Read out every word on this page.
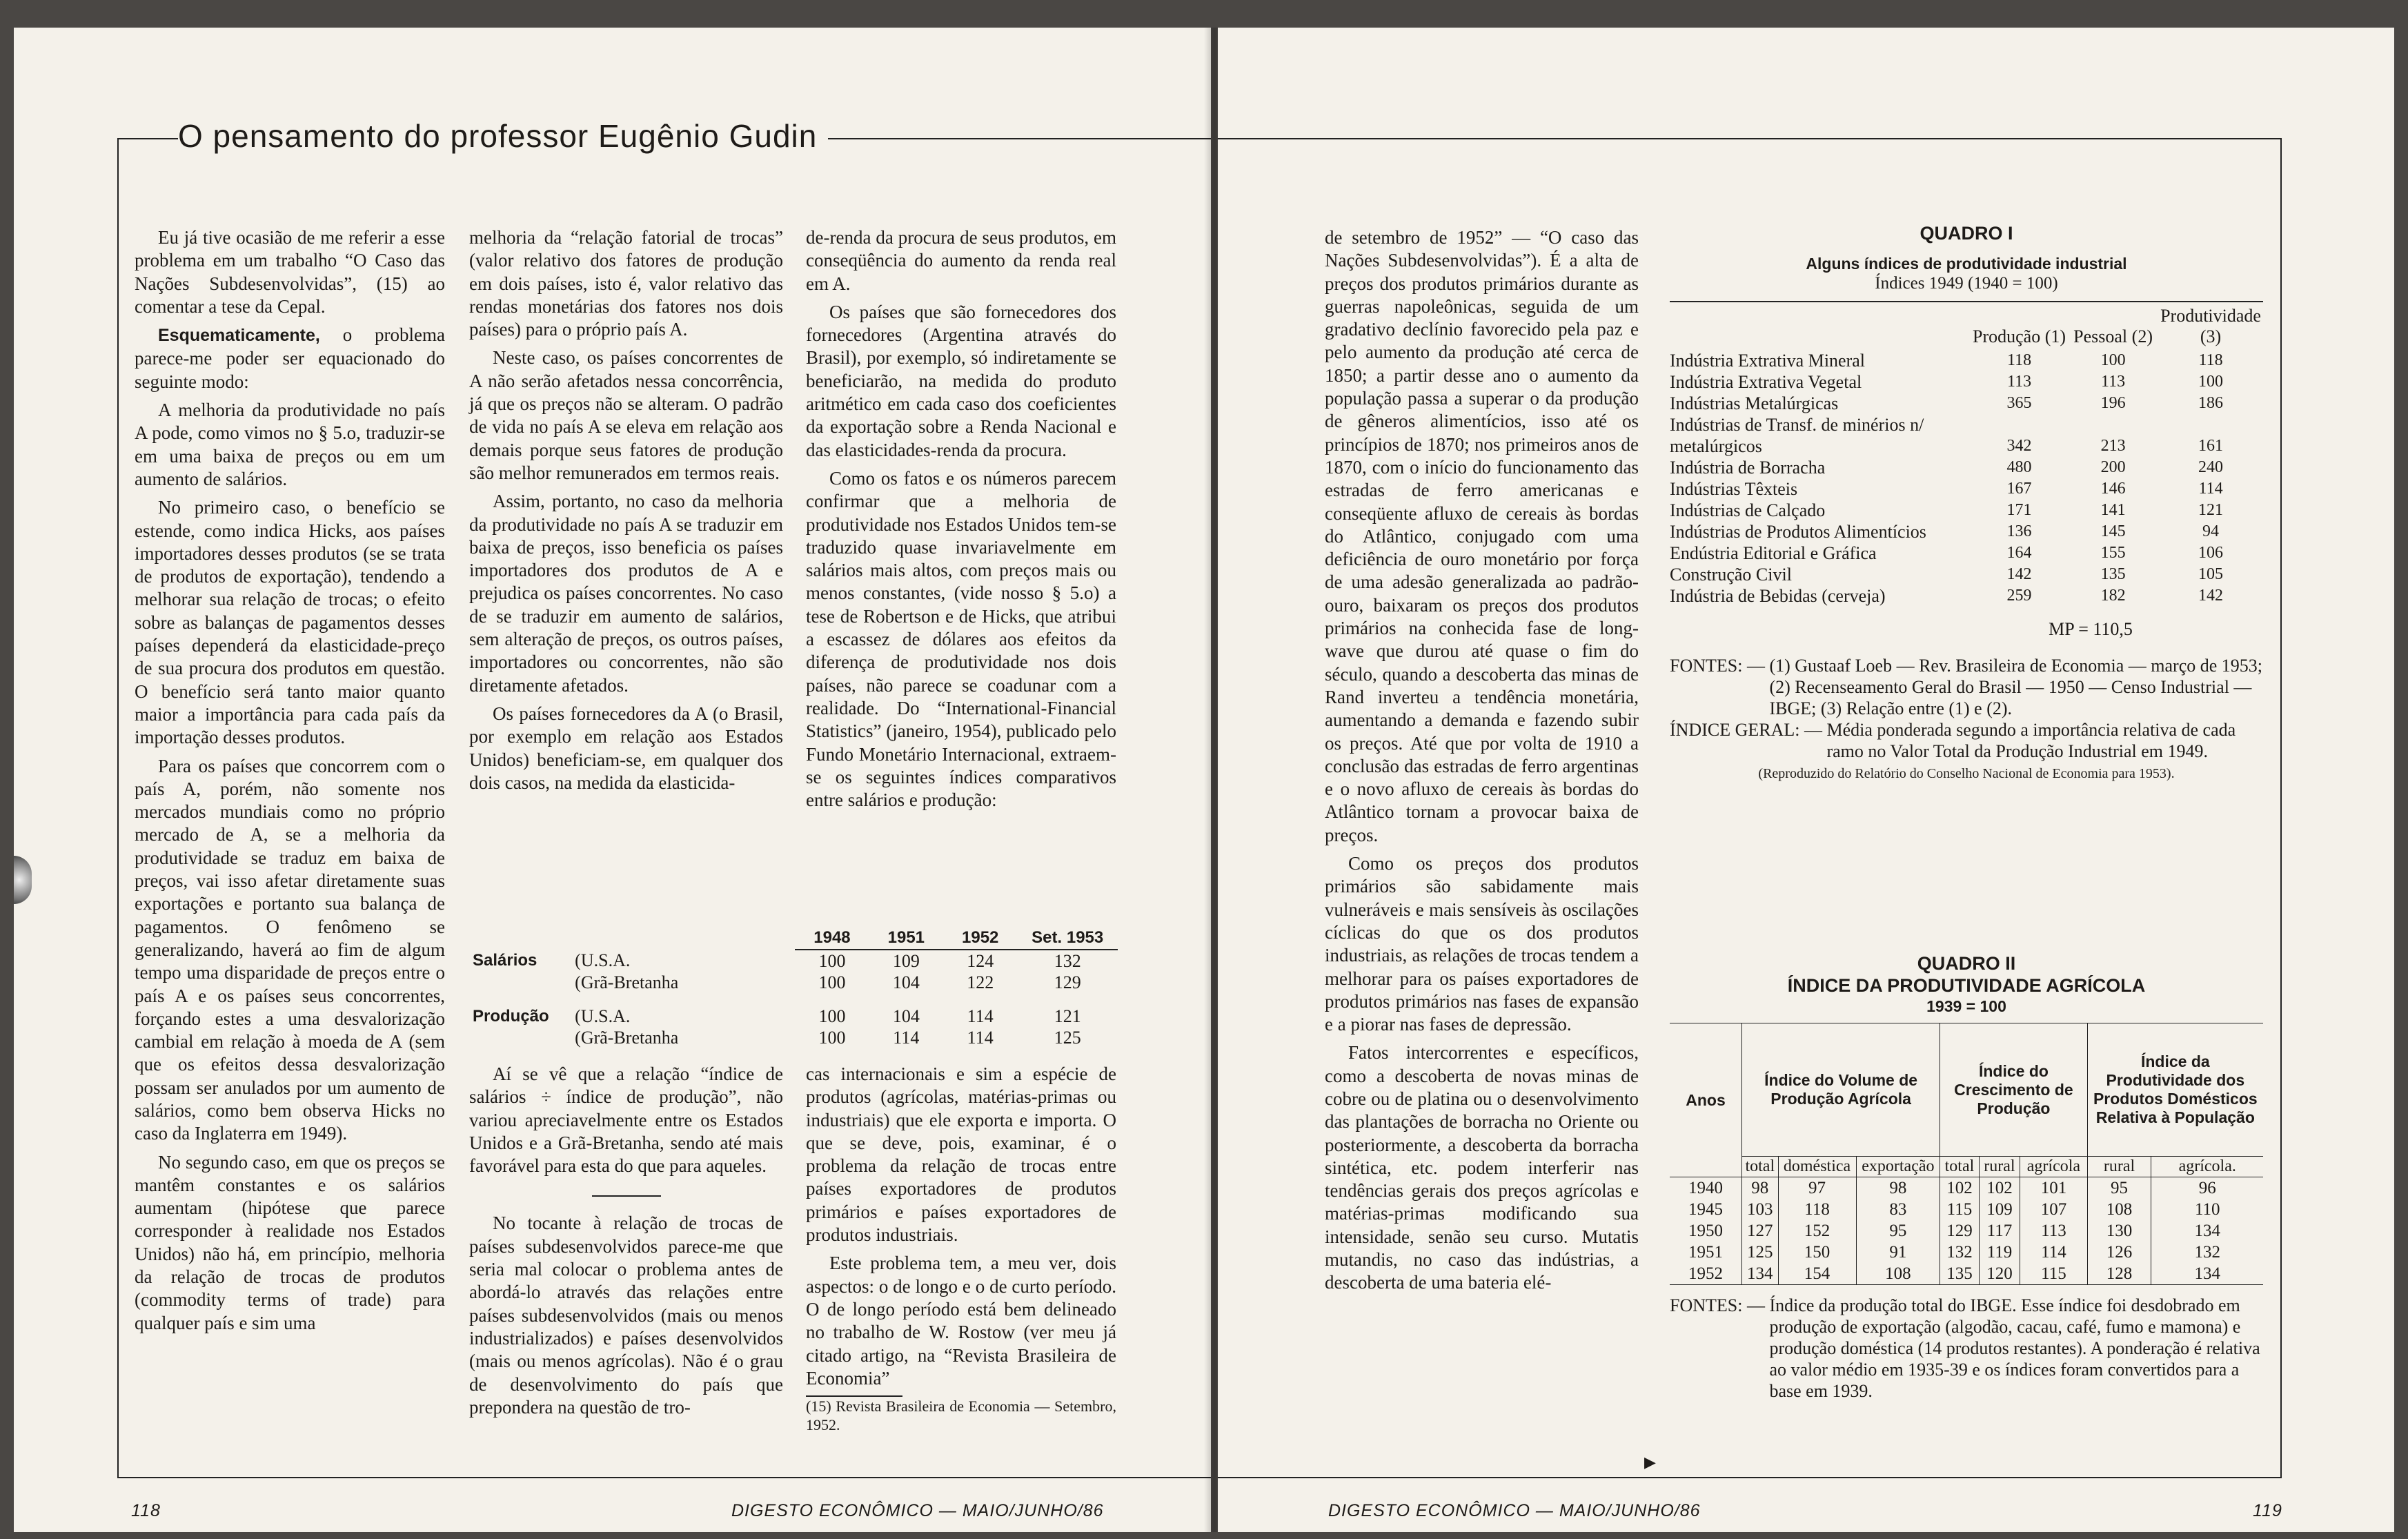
O pensamento do professor Eugênio Gudin

Eu já tive ocasião de me referir a esse problema em um trabalho “O Caso das Nações Subdesenvolvidas”, (15) ao comentar a tese da Cepal.

Esquematicamente, o problema parece-me poder ser equacionado do seguinte modo:

A melhoria da produtividade no país A pode, como vimos no § 5.o, traduzir-se em uma baixa de preços ou em um aumento de salários.

No primeiro caso, o benefício se estende, como indica Hicks, aos países importadores desses produtos (se se trata de produtos de exportação), tendendo a melhorar sua relação de trocas; o efeito sobre as balanças de pagamentos desses países dependerá da elasticidade-preço de sua procura dos produtos em questão. O benefício será tanto maior quanto maior a importância para cada país da importação desses produtos.

Para os países que concorrem com o país A, porém, não somente nos mercados mundiais como no próprio mercado de A, se a melhoria da produtividade se traduz em baixa de preços, vai isso afetar diretamente suas exportações e portanto sua balança de pagamentos. O fenômeno se generalizando, haverá ao fim de algum tempo uma disparidade de preços entre o país A e os países seus concorrentes, forçando estes a uma desvalorização cambial em relação à moeda de A (sem que os efeitos dessa desvalorização possam ser anulados por um aumento de salários, como bem observa Hicks no caso da Inglaterra em 1949).

No segundo caso, em que os preços se mantêm constantes e os salários aumentam (hipótese que parece corresponder à realidade nos Estados Unidos) não há, em princípio, melhoria da relação de trocas de produtos (commodity terms of trade) para qualquer país e sim uma

melhoria da “relação fatorial de trocas” (valor relativo dos fatores de produção em dois países, isto é, valor relativo das rendas monetárias dos fatores nos dois países) para o próprio país A.

Neste caso, os países concorrentes de A não serão afetados nessa concorrência, já que os preços não se alteram. O padrão de vida no país A se eleva em relação aos demais porque seus fatores de produção são melhor remunerados em termos reais.

Assim, portanto, no caso da melhoria da produtividade no país A se traduzir em baixa de preços, isso beneficia os países importadores dos produtos de A e prejudica os países concorrentes. No caso de se traduzir em aumento de salários, sem alteração de preços, os outros países, importadores ou concorrentes, não são diretamente afetados.

Os países fornecedores da A (o Brasil, por exemplo em relação aos Estados Unidos) beneficiam-se, em qualquer dos dois casos, na medida da elasticida-

de-renda da procura de seus produtos, em conseqüência do aumento da renda real em A.

Os países que são fornecedores dos fornecedores (Argentina através do Brasil), por exemplo, só indiretamente se beneficiarão, na medida do produto aritmético em cada caso dos coeficientes da exportação sobre a Renda Nacional e das elasticidades-renda da procura.

Como os fatos e os números parecem confirmar que a melhoria de produtividade nos Estados Unidos tem-se traduzido quase invariavelmente em salários mais altos, com preços mais ou menos constantes, (vide nosso § 5.o) a tese de Robertson e de Hicks, que atribui a escassez de dólares aos efeitos da diferença de produtividade nos dois países, não parece se coadunar com a realidade. Do “International-Financial Statistics” (janeiro, 1954), publicado pelo Fundo Monetário Internacional, extraem-se os seguintes índices comparativos entre salários e produção:

		1948	1951	1952	Set. 1953
Salários	(U.S.A.	100	109	124	132
	(Grã-Bretanha	100	104	122	129

Produção	(U.S.A.	100	104	114	121
	(Grã-Bretanha	100	114	114	125

Aí se vê que a relação “índice de salários ÷ índice de produção”, não variou apreciavelmente entre os Estados Unidos e a Grã-Bretanha, sendo até mais favorável para esta do que para aqueles.

No tocante à relação de trocas de países subdesenvolvidos parece-me que seria mal colocar o problema antes de abordá-lo através das relações entre países subdesenvolvidos (mais ou menos industrializados) e países desenvolvidos (mais ou menos agrícolas). Não é o grau de desenvolvimento do país que prepondera na questão de tro-

cas internacionais e sim a espécie de produtos (agrícolas, matérias-primas ou industriais) que ele exporta e importa. O que se deve, pois, examinar, é o problema da relação de trocas entre países exportadores de produtos primários e países exportadores de produtos industriais.

Este problema tem, a meu ver, dois aspectos: o de longo e o de curto período. O de longo período está bem delineado no trabalho de W. Rostow (ver meu já citado artigo, na “Revista Brasileira de Economia”

(15) Revista Brasileira de Economia — Setembro, 1952.

118	DIGESTO ECONÔMICO — MAIO/JUNHO/86

de setembro de 1952” — “O caso das Nações Subdesenvolvidas”). É a alta de preços dos produtos primários durante as guerras napoleônicas, seguida de um gradativo declínio favorecido pela paz e pelo aumento da produção até cerca de 1850; a partir desse ano o aumento da população passa a superar o da produção de gêneros alimentícios, isso até os princípios de 1870; nos primeiros anos de 1870, com o início do funcionamento das estradas de ferro americanas e conseqüente afluxo de cereais às bordas do Atlântico, conjugado com uma deficiência de ouro monetário por força de uma adesão generalizada ao padrão-ouro, baixaram os preços dos produtos primários na conhecida fase de long-wave que durou até quase o fim do século, quando a descoberta das minas de Rand inverteu a tendência monetária, aumentando a demanda e fazendo subir os preços. Até que por volta de 1910 a conclusão das estradas de ferro argentinas e o novo afluxo de cereais às bordas do Atlântico tornam a provocar baixa de preços.

Como os preços dos produtos primários são sabidamente mais vulneráveis e mais sensíveis às oscilações cíclicas do que os dos produtos industriais, as relações de trocas tendem a melhorar para os países exportadores de produtos primários nas fases de expansão e a piorar nas fases de depressão.

Fatos intercorrentes e específicos, como a descoberta de novas minas de cobre ou de platina ou o desenvolvimento das plantações de borracha no Oriente ou posteriormente, a descoberta da borracha sintética, etc. podem interferir nas tendências gerais dos preços agrícolas e matérias-primas modificando sua intensidade, senão seu curso. Mutatis mutandis, no caso das indústrias, a descoberta de uma bateria elé-

▶
QUADRO I
Alguns índices de produtividade industrial
Índices 1949 (1940 = 100)
	Produção (1)	Pessoal (2)	Produtividade (3)
Indústria Extrativa Mineral	118	100	118
Indústria Extrativa Vegetal	113	113	100
Indústrias Metalúrgicas	365	196	186
Indústrias de Transf. de minérios n/ metalúrgicos	342	213	161
Indústria de Borracha	480	200	240
Indústrias Têxteis	167	146	114
Indústrias de Calçado	171	141	121
Indústrias de Produtos Alimentícios	136	145	94
Endústria Editorial e Gráfica	164	155	106
Construção Civil	142	135	105
Indústria de Bebidas (cerveja)	259	182	142
MP = 110,5
FONTES: —
(1) Gustaaf Loeb — Rev. Brasileira de Economia — março de 1953; (2) Recenseamento Geral do Brasil — 1950 — Censo Industrial — IBGE; (3) Relação entre (1) e (2).
ÍNDICE GERAL: —
Média ponderada segundo a importância relativa de cada ramo no Valor Total da Produção Industrial em 1949.
(Reproduzido do Relatório do Conselho Nacional de Economia para 1953).
QUADRO II
ÍNDICE DA PRODUTIVIDADE AGRÍCOLA
1939 = 100
Anos	Índice do Volume de Produção Agrícola			Índice do Crescimento de Produção			Índice da Produtividade dos Produtos Domésticos Relativa à População	
	total	doméstica	exportação	total	rural	agrícola	rural	agrícola.
1940	98	97	98	102	102	101	95	96
1945	103	118	83	115	109	107	108	110
1950	127	152	95	129	117	113	130	134
1951	125	150	91	132	119	114	126	132
1952	134	154	108	135	120	115	128	134
FONTES: —
Índice da produção total do IBGE. Esse índice foi desdobrado em produção de exportação (algodão, cacau, café, fumo e mamona) e produção doméstica (14 produtos restantes). A ponderação é relativa ao valor médio em 1935-39 e os índices foram convertidos para a base em 1939.
DIGESTO ECONÔMICO — MAIO/JUNHO/86	119
